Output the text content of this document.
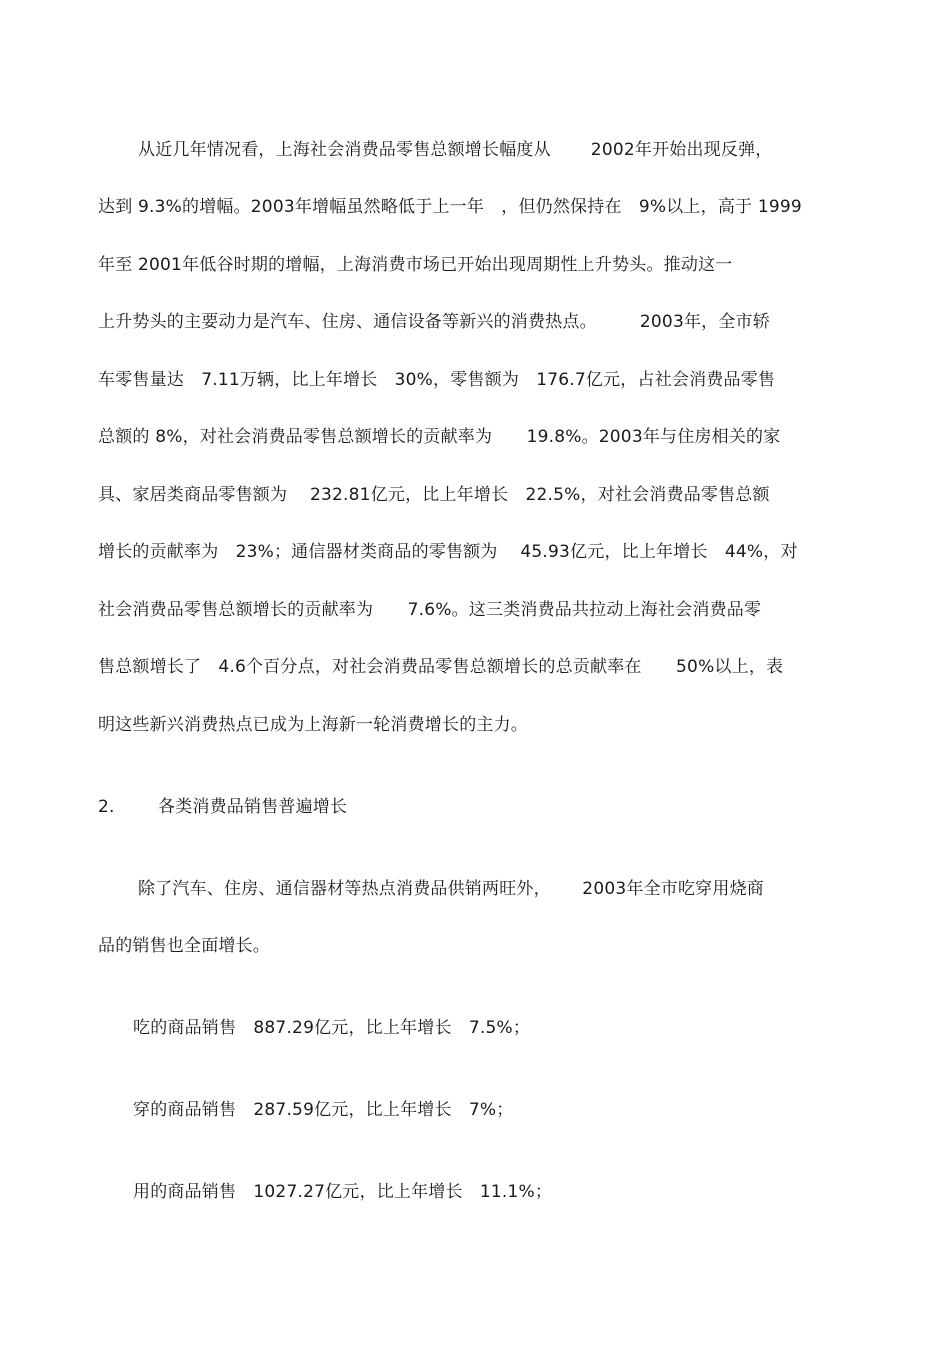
从近几年情况看，上海社会消费品零售总额增长幅度从　　 2002年开始出现反弹，
达到 9.3%的增幅。2003年增幅虽然略低于上一年　，但仍然保持在　9%以上，高于 1999
年至 2001年低谷时期的增幅，上海消费市场已开始出现周期性上升势头。推动这一
上升势头的主要动力是汽车、住房、通信设备等新兴的消费热点。　　　2003年，全市轿
车零售量达　7.11万辆，比上年增长　30%，零售额为　176.7亿元，占社会消费品零售
总额的 8%，对社会消费品零售总额增长的贡献率为　　19.8%。2003年与住房相关的家
具、家居类商品零售额为　 232.81亿元，比上年增长　22.5%，对社会消费品零售总额
增长的贡献率为　23%；通信器材类商品的零售额为　 45.93亿元，比上年增长　44%，对
社会消费品零售总额增长的贡献率为　　7.6%。这三类消费品共拉动上海社会消费品零
售总额增长了　4.6个百分点，对社会消费品零售总额增长的总贡献率在　　50%以上，表
明这些新兴消费热点已成为上海新一轮消费增长的主力。
2.	各类消费品销售普遍增长
除了汽车、住房、通信器材等热点消费品供销两旺外，　　 2003年全市吃穿用烧商
品的销售也全面增长。
吃的商品销售　887.29亿元，比上年增长　7.5%；
穿的商品销售　287.59亿元，比上年增长　7%；
用的商品销售　1027.27亿元，比上年增长　11.1%；
